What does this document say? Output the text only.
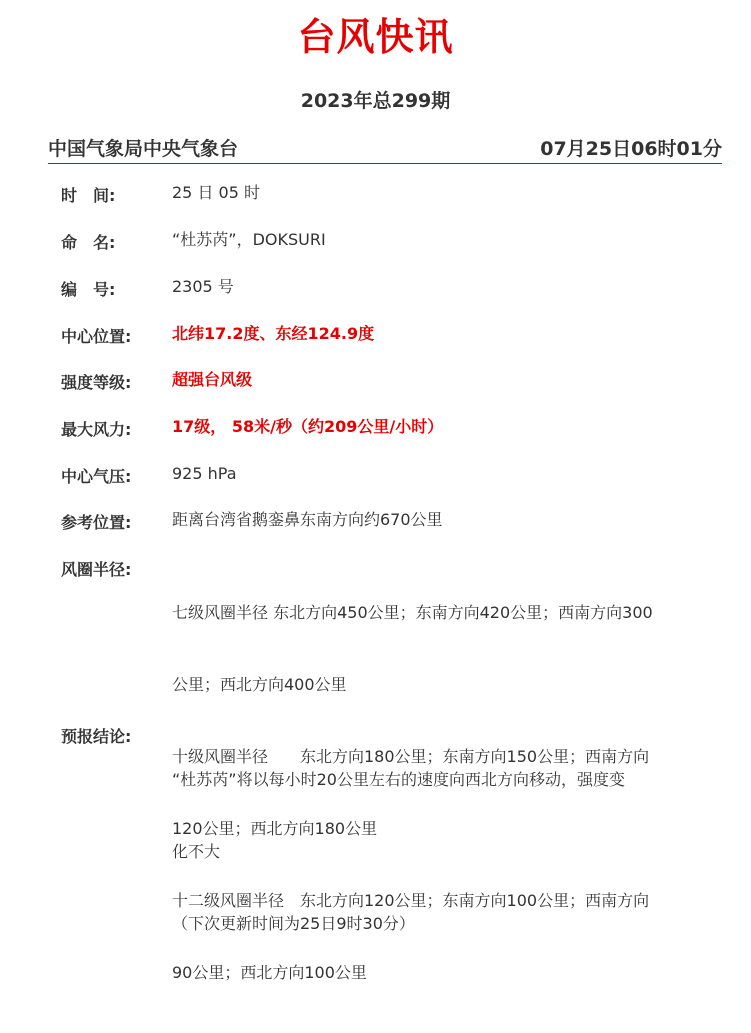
台风快讯
2023年总299期
中国气象局中央气象台	07月25日06时01分
时　间:	25 日 05 时
命　名:	“杜苏芮”，DOKSURI
编　号:	2305 号
中心位置:	北纬17.2度、东经124.9度
强度等级:	超强台风级
最大风力:	17级， 58米/秒（约209公里/小时）
中心气压:	925 hPa
参考位置:	距离台湾省鹅銮鼻东南方向约670公里
风圈半径:

七级风圈半径 东北方向450公里；东南方向420公里；西南方向300

公里；西北方向400公里

十级风圈半径　　东北方向180公里；东南方向150公里；西南方向

120公里；西北方向180公里

十二级风圈半径　东北方向120公里；东南方向100公里；西南方向

90公里；西北方向100公里

预报结论:

“杜苏芮”将以每小时20公里左右的速度向西北方向移动，强度变

化不大

（下次更新时间为25日9时30分）
